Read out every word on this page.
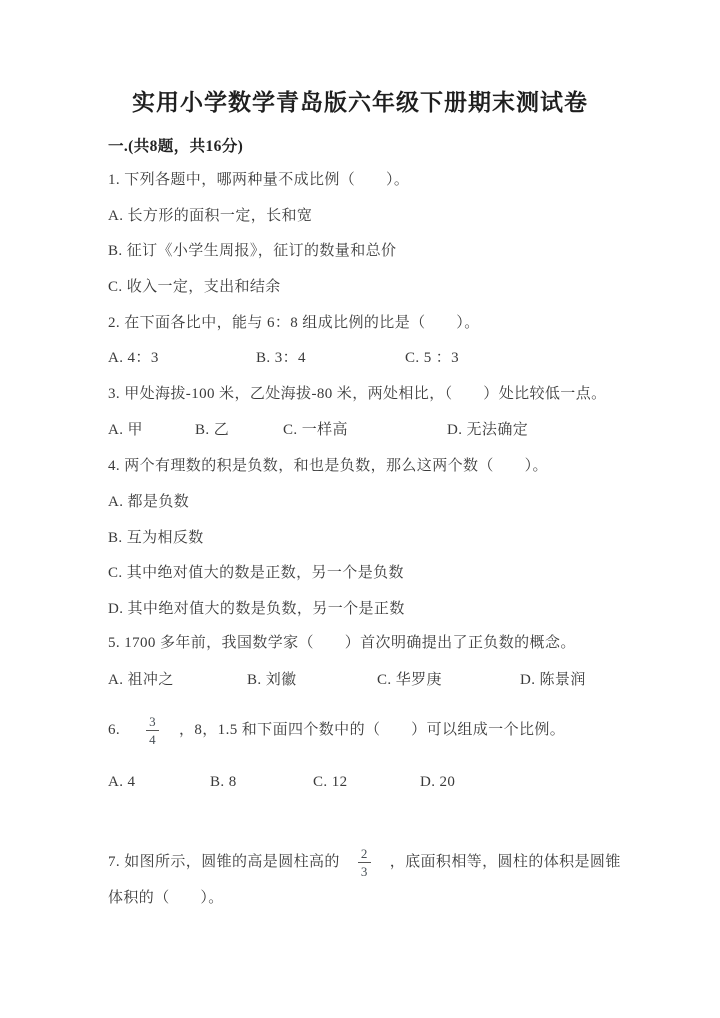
实用小学数学青岛版六年级下册期末测试卷
一.(共8题，共16分)
1. 下列各题中，哪两种量不成比例（　　）。
A. 长方形的面积一定，长和宽
B. 征订《小学生周报》，征订的数量和总价
C. 收入一定，支出和结余
2. 在下面各比中，能与 6：8 组成比例的比是（　　）。
A. 4：3	B. 3：4	C. 5 ：3
3. 甲处海拔-100 米，乙处海拔-80 米，两处相比，（　　）处比较低一点。
A. 甲	B. 乙	C. 一样高	D. 无法确定
4. 两个有理数的积是负数，和也是负数，那么这两个数（　　）。
A. 都是负数
B. 互为相反数
C. 其中绝对值大的数是正数，另一个是负数
D. 其中绝对值大的数是负数，另一个是正数
5. 1700 多年前，我国数学家（　　）首次明确提出了正负数的概念。
A. 祖冲之	B. 刘徽	C. 华罗庚	D. 陈景润
6. $\frac{3}{4}$ ，8，1.5 和下面四个数中的（　　）可以组成一个比例。
A. 4	B. 8	C. 12	D. 20
7. 如图所示，圆锥的高是圆柱高的 $\frac{2}{3}$ ，底面积相等，圆柱的体积是圆锥
体积的（　　）。
